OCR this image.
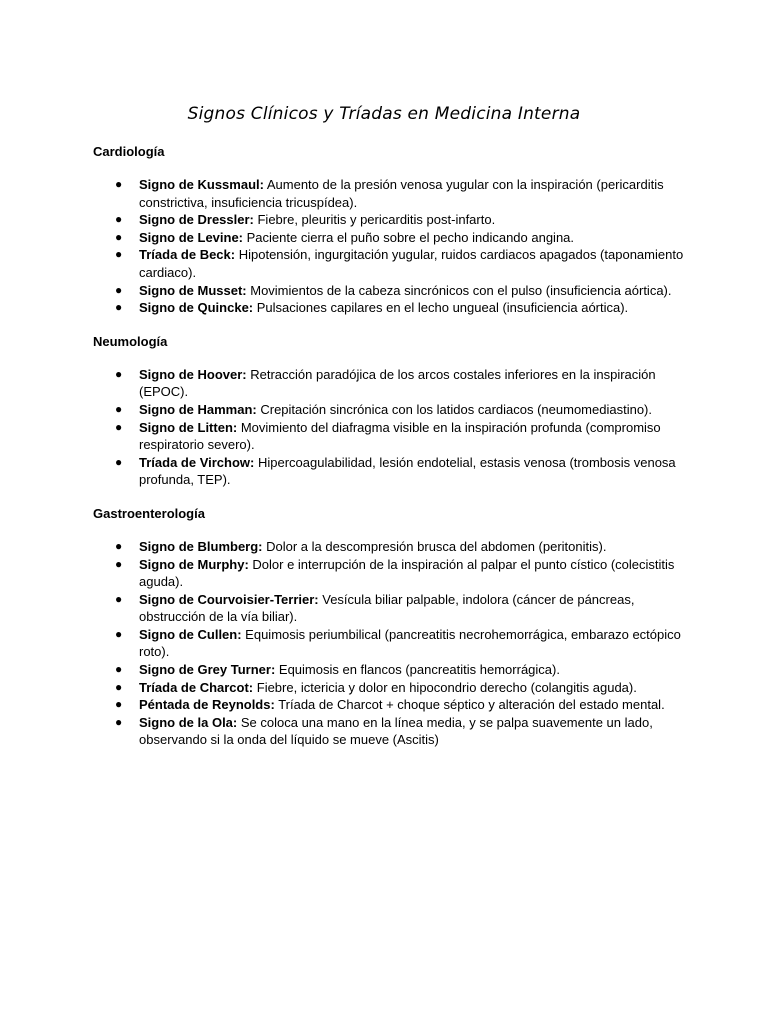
Signos Clínicos y Tríadas en Medicina Interna
Cardiología
● Signo de Kussmaul: Aumento de la presión venosa yugular con la inspiración (pericarditis constrictiva, insuficiencia tricuspídea).
● Signo de Dressler: Fiebre, pleuritis y pericarditis post-infarto.
● Signo de Levine: Paciente cierra el puño sobre el pecho indicando angina.
● Tríada de Beck: Hipotensión, ingurgitación yugular, ruidos cardiacos apagados (taponamiento cardiaco).
● Signo de Musset: Movimientos de la cabeza sincrónicos con el pulso (insuficiencia aórtica).
● Signo de Quincke: Pulsaciones capilares en el lecho ungueal (insuficiencia aórtica).
Neumología
● Signo de Hoover: Retracción paradójica de los arcos costales inferiores en la inspiración (EPOC).
● Signo de Hamman: Crepitación sincrónica con los latidos cardiacos (neumomediastino).
● Signo de Litten: Movimiento del diafragma visible en la inspiración profunda (compromiso respiratorio severo).
● Tríada de Virchow: Hipercoagulabilidad, lesión endotelial, estasis venosa (trombosis venosa profunda, TEP).
Gastroenterología
● Signo de Blumberg: Dolor a la descompresión brusca del abdomen (peritonitis).
● Signo de Murphy: Dolor e interrupción de la inspiración al palpar el punto cístico (colecistitis aguda).
● Signo de Courvoisier-Terrier: Vesícula biliar palpable, indolora (cáncer de páncreas, obstrucción de la vía biliar).
● Signo de Cullen: Equimosis periumbilical (pancreatitis necrohemorrágica, embarazo ectópico roto).
● Signo de Grey Turner: Equimosis en flancos (pancreatitis hemorrágica).
● Tríada de Charcot: Fiebre, ictericia y dolor en hipocondrio derecho (colangitis aguda).
● Péntada de Reynolds: Tríada de Charcot + choque séptico y alteración del estado mental.
● Signo de la Ola: Se coloca una mano en la línea media, y se palpa suavemente un lado, observando si la onda del líquido se mueve (Ascitis)
